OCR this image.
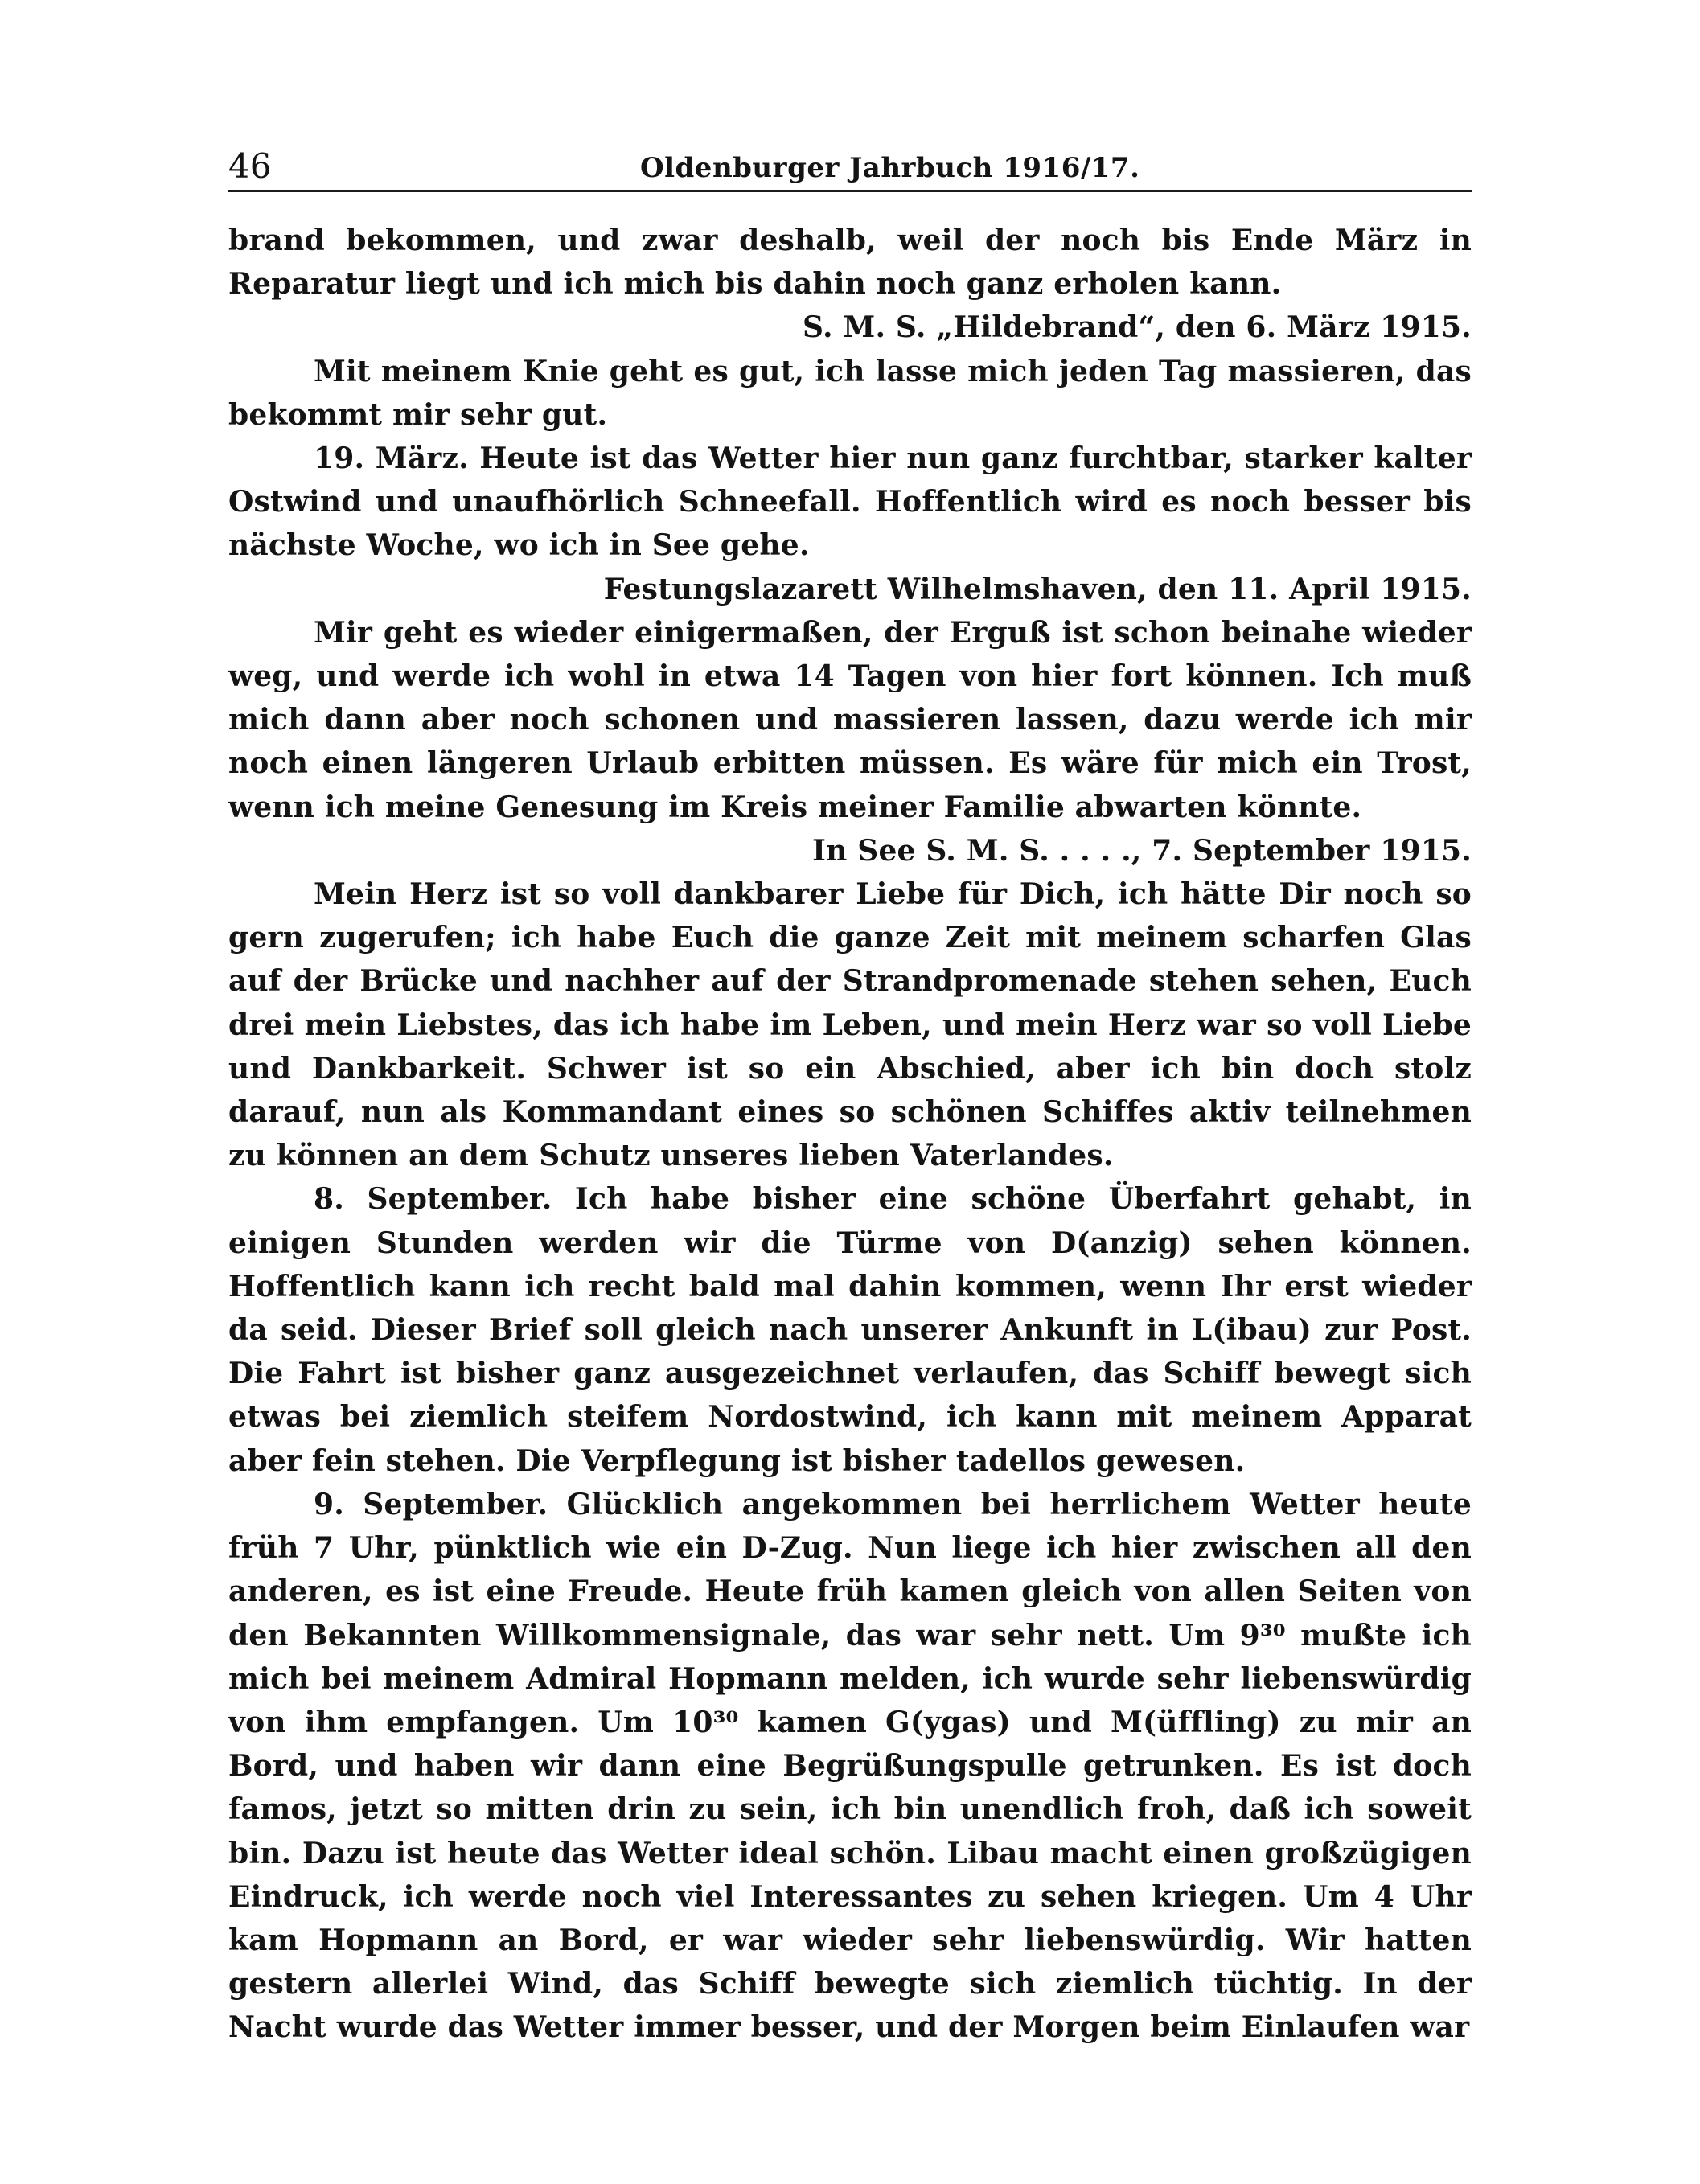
46	Oldenburger Jahrbuch 1916/17.

brand bekommen, und zwar deshalb, weil der noch bis Ende März in Reparatur liegt und ich mich bis dahin noch ganz erholen kann.

S. M. S. „Hildebrand“, den 6. März 1915.

Mit meinem Knie geht es gut, ich lasse mich jeden Tag massieren, das bekommt mir sehr gut.

19. März. Heute ist das Wetter hier nun ganz furchtbar, starker kalter Ostwind und unaufhörlich Schneefall. Hoffentlich wird es noch besser bis nächste Woche, wo ich in See gehe.

Festungslazarett Wilhelmshaven, den 11. April 1915.

Mir geht es wieder einigermaßen, der Erguß ist schon beinahe wieder weg, und werde ich wohl in etwa 14 Tagen von hier fort können. Ich muß mich dann aber noch schonen und massieren lassen, dazu werde ich mir noch einen längeren Urlaub erbitten müssen. Es wäre für mich ein Trost, wenn ich meine Genesung im Kreis meiner Familie abwarten könnte.

In See S. M. S. . . . ., 7. September 1915.

Mein Herz ist so voll dankbarer Liebe für Dich, ich hätte Dir noch so gern zugerufen; ich habe Euch die ganze Zeit mit meinem scharfen Glas auf der Brücke und nachher auf der Strandpromenade stehen sehen, Euch drei mein Liebstes, das ich habe im Leben, und mein Herz war so voll Liebe und Dankbarkeit. Schwer ist so ein Abschied, aber ich bin doch stolz darauf, nun als Kommandant eines so schönen Schiffes aktiv teilnehmen zu können an dem Schutz unseres lieben Vaterlandes.

8. September. Ich habe bisher eine schöne Überfahrt gehabt, in einigen Stunden werden wir die Türme von D(anzig) sehen können. Hoffentlich kann ich recht bald mal dahin kommen, wenn Ihr erst wieder da seid. Dieser Brief soll gleich nach unserer Ankunft in L(ibau) zur Post. Die Fahrt ist bisher ganz ausgezeichnet verlaufen, das Schiff bewegt sich etwas bei ziemlich steifem Nordostwind, ich kann mit meinem Apparat aber fein stehen. Die Verpflegung ist bisher tadellos gewesen.

9. September. Glücklich angekommen bei herrlichem Wetter heute früh 7 Uhr, pünktlich wie ein D-Zug. Nun liege ich hier zwischen all den anderen, es ist eine Freude. Heute früh kamen gleich von allen Seiten von den Bekannten Willkommensignale, das war sehr nett. Um 9³⁰ mußte ich mich bei meinem Admiral Hopmann melden, ich wurde sehr liebenswürdig von ihm empfangen. Um 10³⁰ kamen G(ygas) und M(üffling) zu mir an Bord, und haben wir dann eine Begrüßungspulle getrunken. Es ist doch famos, jetzt so mitten drin zu sein, ich bin unendlich froh, daß ich soweit bin. Dazu ist heute das Wetter ideal schön. Libau macht einen großzügigen Eindruck, ich werde noch viel Interessantes zu sehen kriegen. Um 4 Uhr kam Hopmann an Bord, er war wieder sehr liebenswürdig. Wir hatten gestern allerlei Wind, das Schiff bewegte sich ziemlich tüchtig. In der Nacht wurde das Wetter immer besser, und der Morgen beim Einlaufen war
